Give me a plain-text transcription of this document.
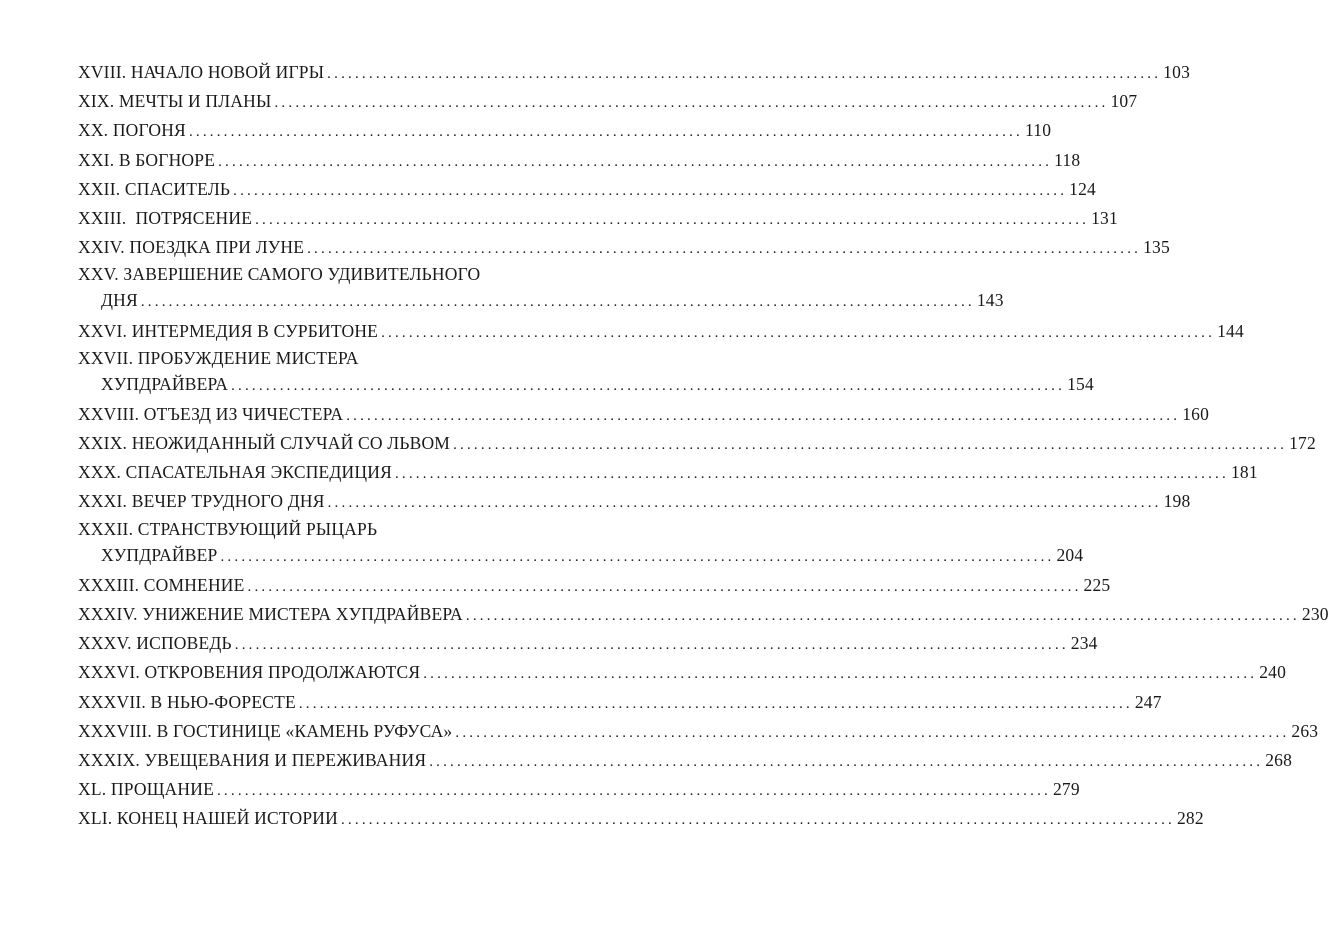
XVIII. НАЧАЛО НОВОЙ ИГРЫ ........................................................................................................................ 103
XIX. МЕЧТЫ И ПЛАНЫ ........................................................................................................................ 107
XX. ПОГОНЯ ........................................................................................................................ 110
XXI. В БОГНОРЕ ........................................................................................................................ 118
XXII. СПАСИТЕЛЬ ........................................................................................................................ 124
XXIII.  ПОТРЯСЕНИЕ ........................................................................................................................ 131
XXIV. ПОЕЗДКА ПРИ ЛУНЕ ........................................................................................................................ 135
XXV. ЗАВЕРШЕНИЕ САМОГО УДИВИТЕЛЬНОГО
ДНЯ ........................................................................................................................ 143
XXVI. ИНТЕРМЕДИЯ В СУРБИТОНЕ ........................................................................................................................ 144
XXVII. ПРОБУЖДЕНИЕ МИСТЕРА
ХУПДРАЙВЕРА ........................................................................................................................ 154
XXVIII. ОТЪЕЗД ИЗ ЧИЧЕСТЕРА ........................................................................................................................ 160
XXIX. НЕОЖИДАННЫЙ СЛУЧАЙ СО ЛЬВОМ ........................................................................................................................ 172
XXX. СПАСАТЕЛЬНАЯ ЭКСПЕДИЦИЯ ........................................................................................................................ 181
XXXI. ВЕЧЕР ТРУДНОГО ДНЯ ........................................................................................................................ 198
XXXII. СТРАНСТВУЮЩИЙ РЫЦАРЬ
ХУПДРАЙВЕР ........................................................................................................................ 204
XXXIII. СОМНЕНИЕ ........................................................................................................................ 225
XXXIV. УНИЖЕНИЕ МИСТЕРА ХУПДРАЙВЕРА ........................................................................................................................ 230
XXXV. ИСПОВЕДЬ ........................................................................................................................ 234
XXXVI. ОТКРОВЕНИЯ ПРОДОЛЖАЮТСЯ ........................................................................................................................ 240
XXXVII. В НЬЮ-ФОРЕСТЕ ........................................................................................................................ 247
XXXVIII. В ГОСТИНИЦЕ «КАМЕНЬ РУФУСА» ........................................................................................................................ 263
XXXIX. УВЕЩЕВАНИЯ И ПЕРЕЖИВАНИЯ ........................................................................................................................ 268
XL. ПРОЩАНИЕ ........................................................................................................................ 279
XLI. КОНЕЦ НАШЕЙ ИСТОРИИ ........................................................................................................................ 282
